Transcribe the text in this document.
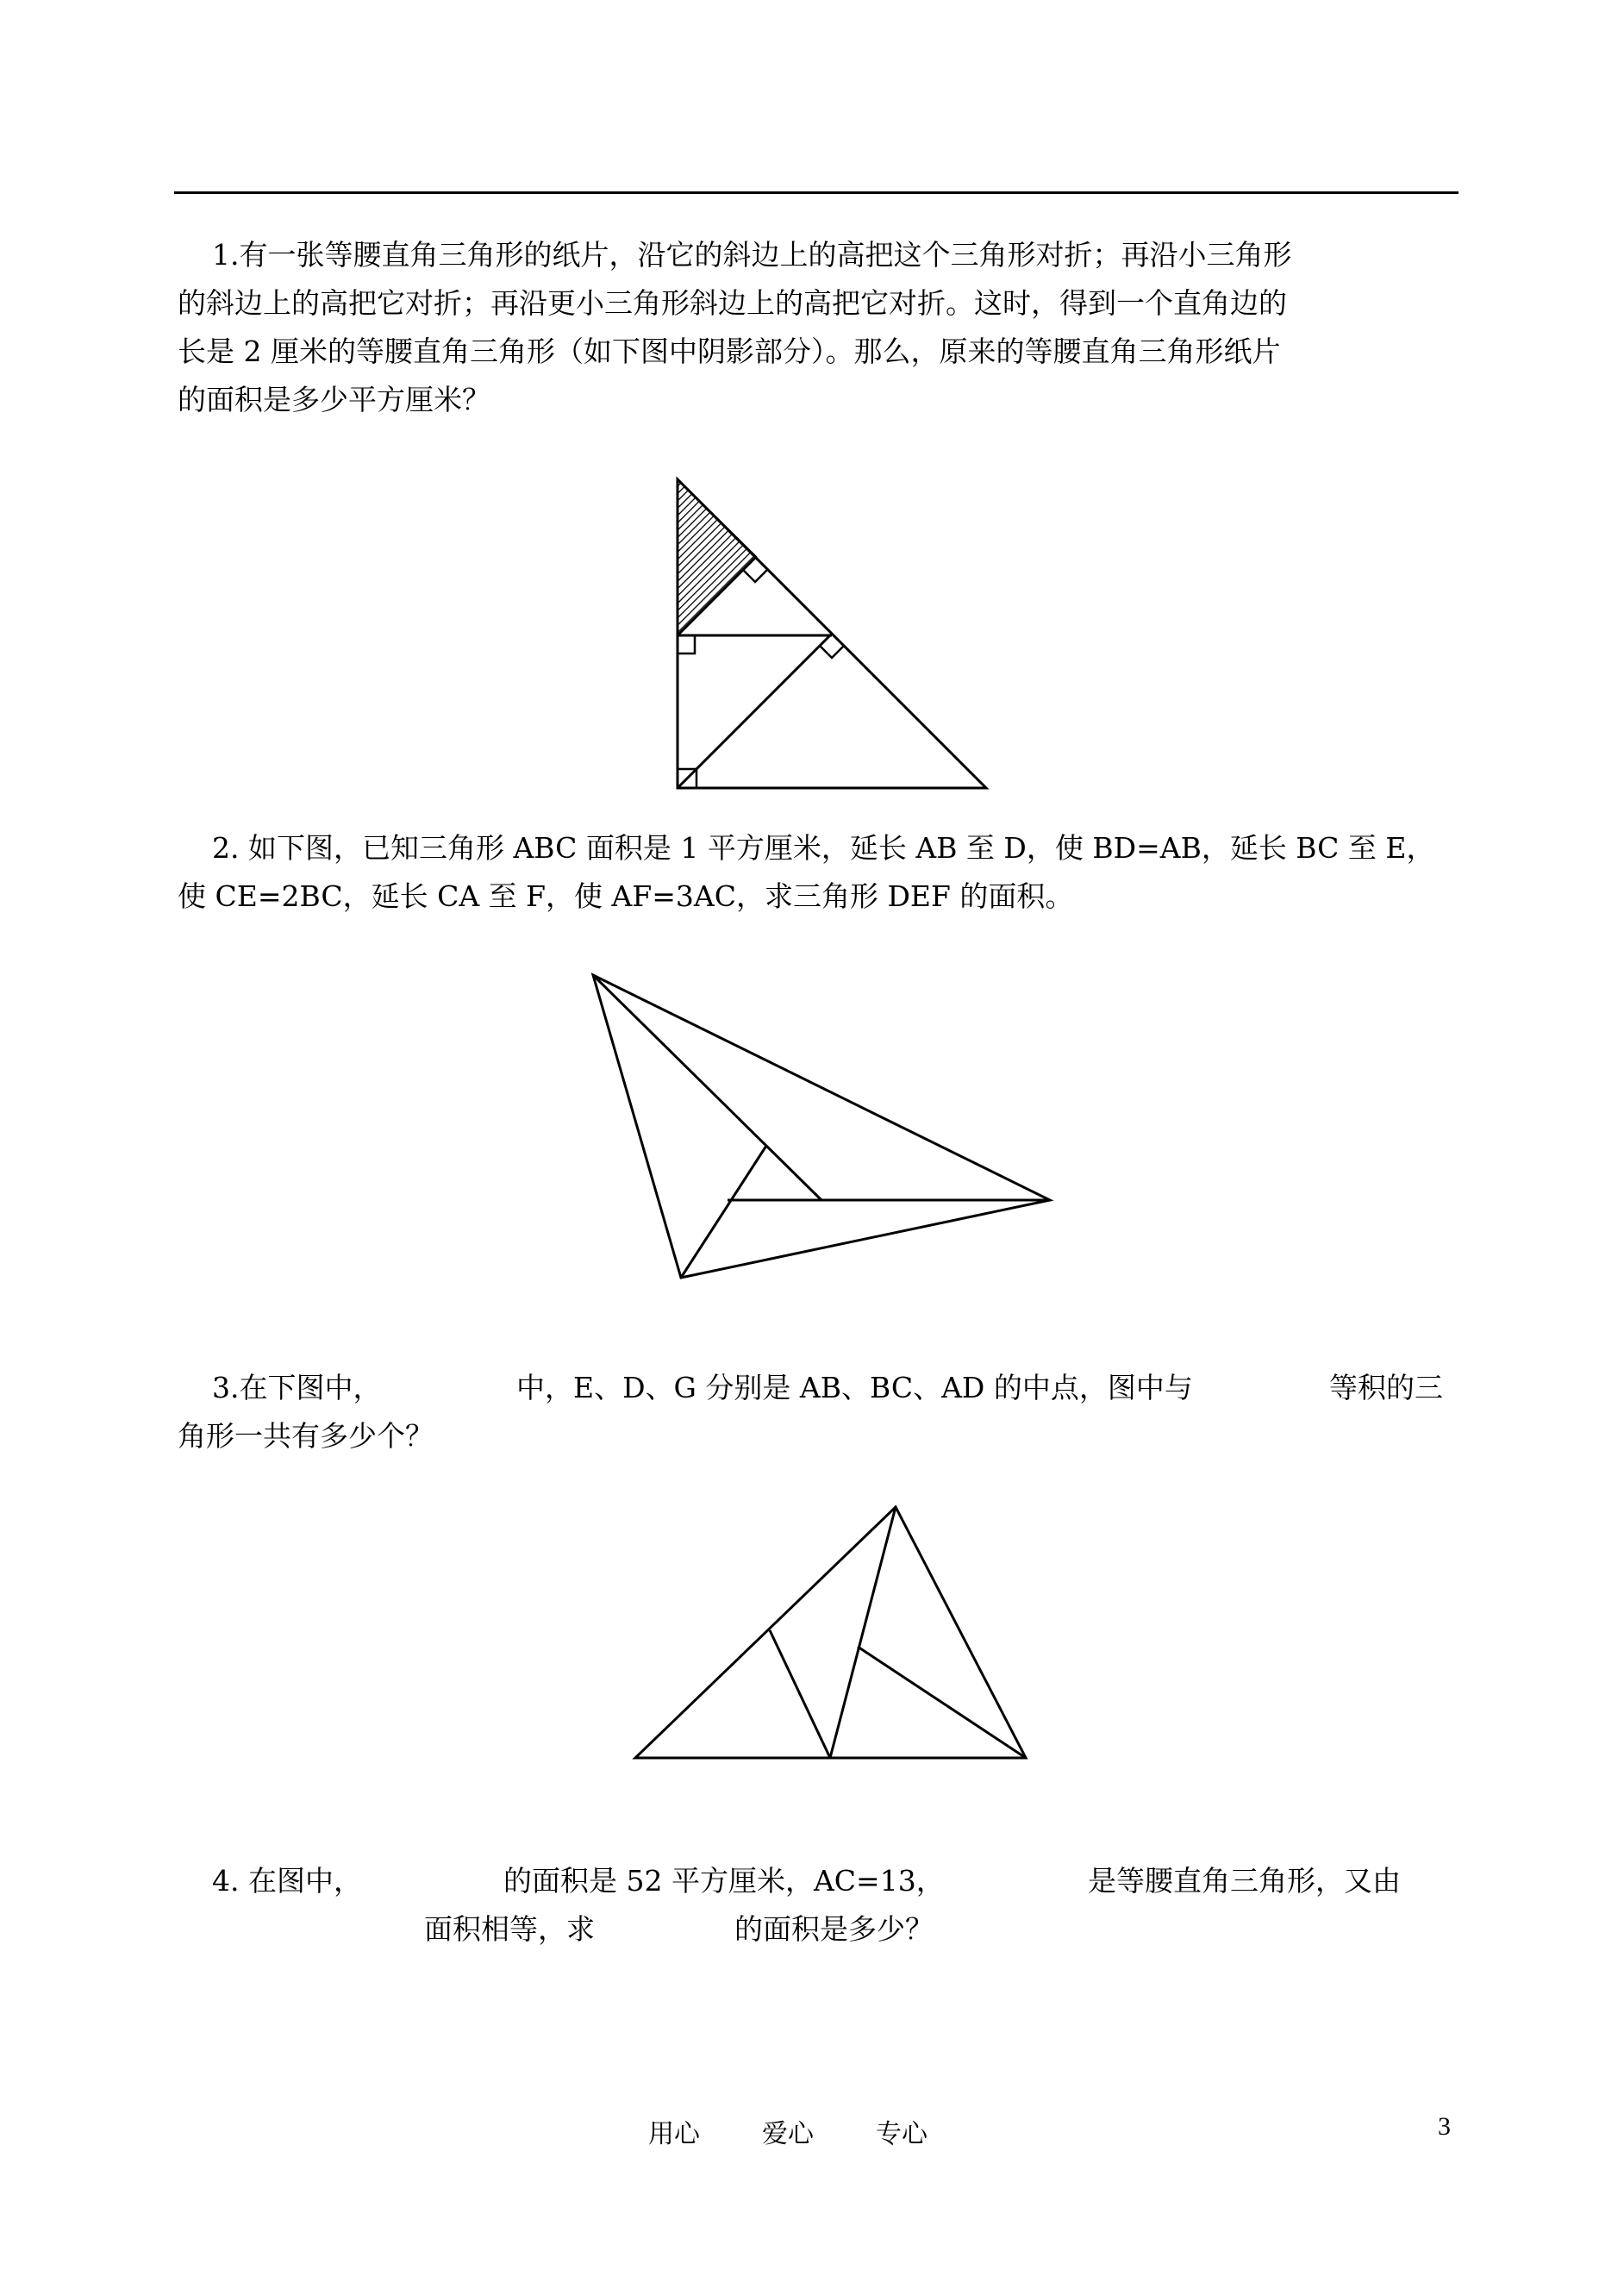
1.有一张等腰直角三角形的纸片，沿它的斜边上的高把这个三角形对折；再沿小三角形
的斜边上的高把它对折；再沿更小三角形斜边上的高把它对折。这时，得到一个直角边的
长是 2 厘米的等腰直角三角形（如下图中阴影部分）。那么，原来的等腰直角三角形纸片
的面积是多少平方厘米？
2. 如下图，已知三角形 ABC 面积是 1 平方厘米，延长 AB 至 D，使 BD=AB，延长 BC 至 E，
使 CE=2BC，延长 CA 至 F，使 AF=3AC，求三角形 DEF 的面积。
3.在下图中，	中，E、D、G 分别是 AB、BC、AD 的中点，图中与	等积的三

角形一共有多少个？
4. 在图中，	的面积是 52 平方厘米，AC=13，	是等腰直角三角形，又由

面积相等，求	的面积是多少？

用心 爱心 专心	3
